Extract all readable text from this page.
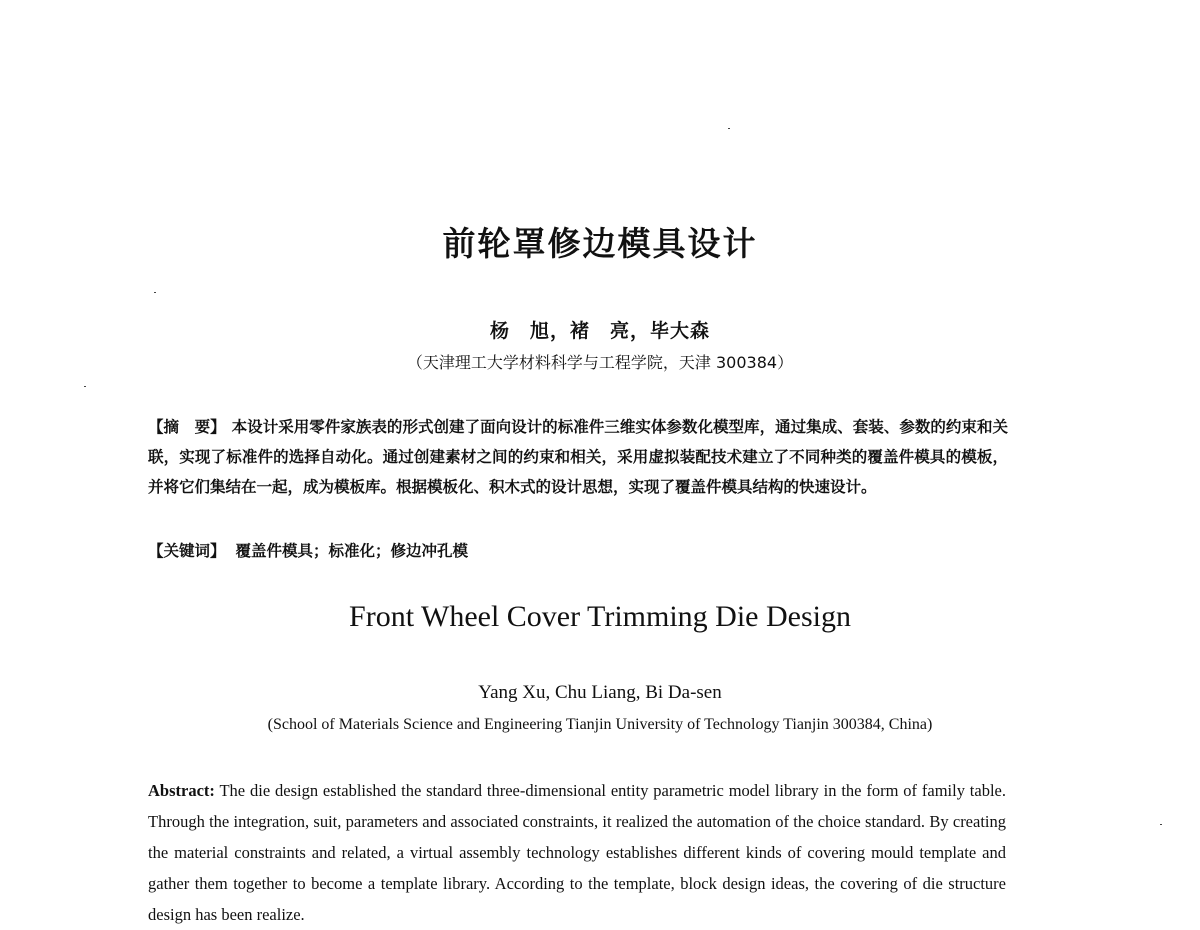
前轮罩修边模具设计
杨　旭，褚　亮，毕大森
（天津理工大学材料科学与工程学院，天津 300384）
【摘　要】 本设计采用零件家族表的形式创建了面向设计的标准件三维实体参数化模型库，通过集成、套装、参数的约束和关联，实现了标准件的选择自动化。通过创建素材之间的约束和相关，采用虚拟装配技术建立了不同种类的覆盖件模具的模板，并将它们集结在一起，成为模板库。根据模板化、积木式的设计思想，实现了覆盖件模具结构的快速设计。
【关键词】 覆盖件模具；标准化；修边冲孔模
Front Wheel Cover Trimming Die Design
Yang Xu, Chu Liang, Bi Da-sen
(School of Materials Science and Engineering Tianjin University of Technology Tianjin 300384, China)
Abstract: The die design established the standard three-dimensional entity parametric model library in the form of family table. Through the integration, suit, parameters and associated constraints, it realized the automation of the choice standard. By creating the material constraints and related, a virtual assembly technology establishes different kinds of covering mould template and gather them together to become a template library. According to the template, block design ideas, the covering of die structure design has been realize.
